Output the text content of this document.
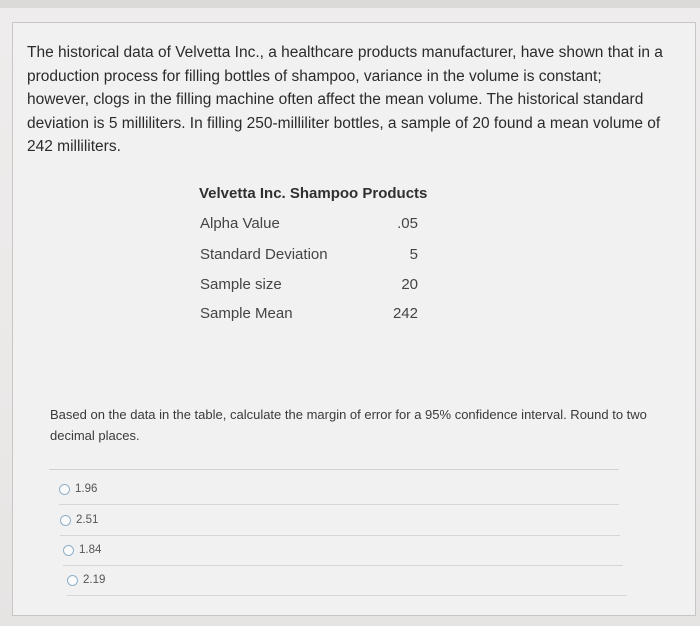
The historical data of Velvetta Inc., a healthcare products manufacturer, have shown that in a production process for filling bottles of shampoo, variance in the volume is constant; however, clogs in the filling machine often affect the mean volume. The historical standard deviation is 5 milliliters. In filling 250-milliliter bottles, a sample of 20 found a mean volume of 242 milliliters.
Velvetta Inc. Shampoo Products
Alpha Value	.05
Standard Deviation	5
Sample size	20
Sample Mean	242
Based on the data in the table, calculate the margin of error for a 95% confidence interval. Round to two decimal places.
1.96
2.51
1.84
2.19
